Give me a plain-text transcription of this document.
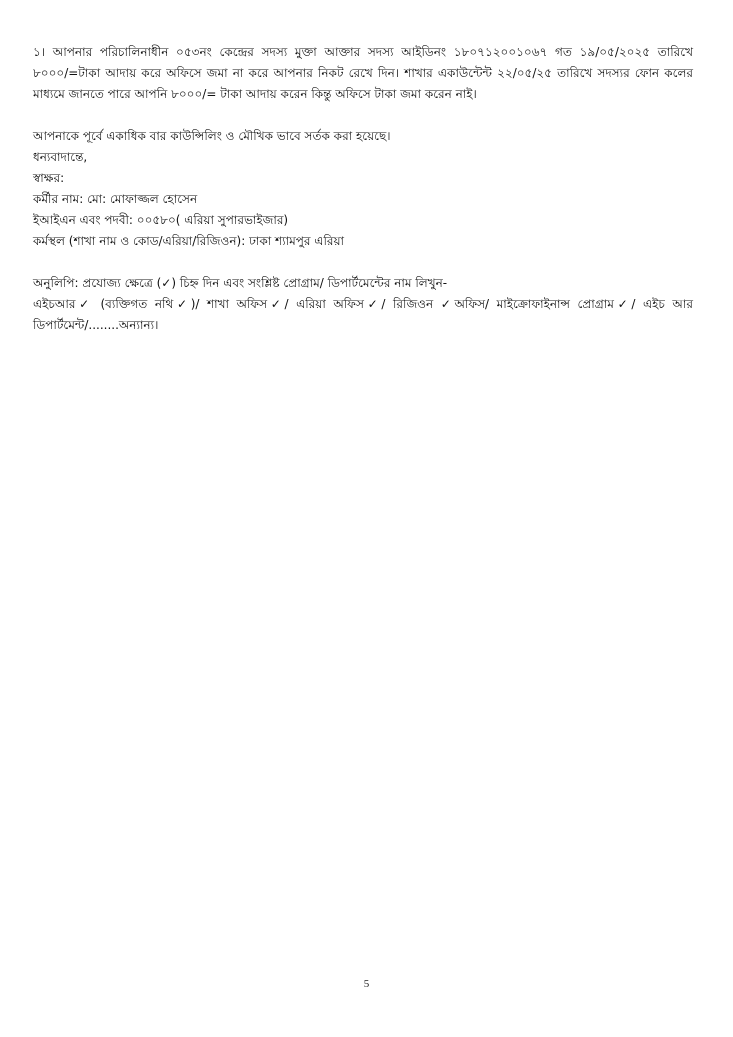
১। আপনার পরিচালিনাধীন ০৫৩নং কেন্দ্রের সদস্য মুক্তা আক্তার সদস্য আইডিনং ১৮০৭১২০০১০৬৭ গত ১৯/০৫/২০২৫ তারিখে ৮০০০/=টাকা আদায় করে অফিসে জমা না করে আপনার নিকট রেখে দিন। শাখার একাউন্টেন্ট ২২/০৫/২৫ তারিখে সদস্যর ফোন কলের মাধ্যমে জানতে পারে আপনি ৮০০০/= টাকা আদায় করেন কিন্তু অফিসে টাকা জমা করেন নাই।

আপনাকে পূর্বে একাধিক বার কাউন্সিলিং ও মৌখিক ভাবে সর্তক করা হয়েছে।
ধন্যবাদান্তে,
স্বাক্ষর:
কর্মীর নাম: মো: মোফাজ্জল হোসেন
ইআইএন এবং পদবী: ০০৫৮০( এরিয়া সুপারভাইজার)
কর্মস্থল (শাখা নাম ও কোড/এরিয়া/রিজিওন): ঢাকা শ্যামপুর এরিয়া

অনুলিপি: প্রযোজ্য ক্ষেত্রে (✓) চিহ্ন দিন এবং সংশ্লিষ্ট প্রোগ্রাম/ ডিপার্টমেন্টের নাম লিখুন-

এইচআর✓ (ব্যক্তিগত নথি✓)/ শাখা অফিস✓/ এরিয়া অফিস✓/ রিজিওন ✓অফিস/ মাইক্রোফাইনান্স প্রোগ্রাম✓/ এইচ আর ডিপার্টমেন্ট/........অন্যান্য।

5
